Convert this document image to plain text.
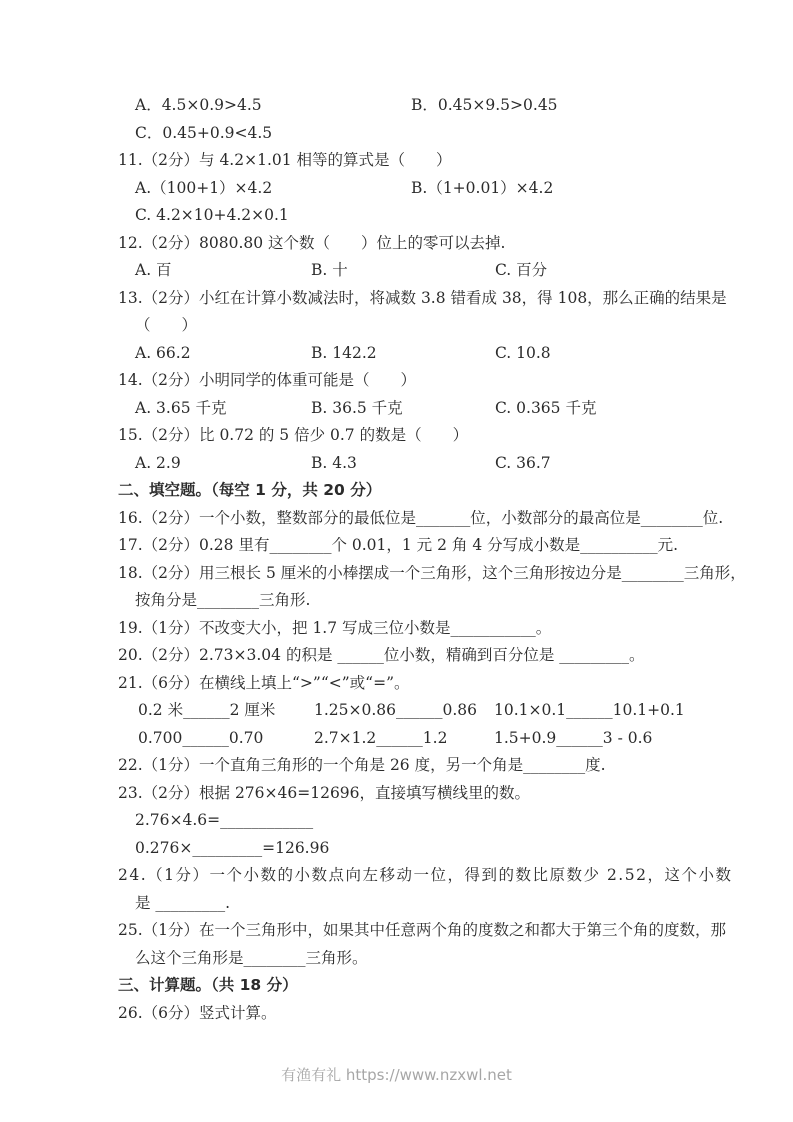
A．4.5×0.9>4.5	B．0.45×9.5>0.45
C．0.45+0.9<4.5
11.（2分）与 4.2×1.01 相等的算式是（　　）
A.（100+1）×4.2	B.（1+0.01）×4.2
C. 4.2×10+4.2×0.1
12.（2分）8080.80 这个数（　　）位上的零可以去掉.
A. 百	B. 十	C. 百分
13.（2分）小红在计算小数减法时，将减数 3.8 错看成 38，得 108，那么正确的结果是
（　　）
A. 66.2	B. 142.2	C. 10.8
14.（2分）小明同学的体重可能是（　　）
A. 3.65 千克	B. 36.5 千克	C. 0.365 千克
15.（2分）比 0.72 的 5 倍少 0.7 的数是（　　）
A. 2.9	B. 4.3	C. 36.7
二、填空题。（每空 1 分，共 20 分）
16.（2分）一个小数，整数部分的最低位是_______位，小数部分的最高位是________位.
17.（2分）0.28 里有________个 0.01，1 元 2 角 4 分写成小数是__________元.
18.（2分）用三根长 5 厘米的小棒摆成一个三角形，这个三角形按边分是________三角形，
按角分是________三角形.
19.（1分）不改变大小，把 1.7 写成三位小数是___________。
20.（2分）2.73×3.04 的积是 ______位小数，精确到百分位是 _________。
21.（6分）在横线上填上“>”“<”或“=”。
0.2 米______2 厘米	1.25×0.86______0.86	10.1×0.1______10.1+0.1
0.700______0.70	2.7×1.2______1.2	1.5+0.9______3 - 0.6
22.（1分）一个直角三角形的一个角是 26 度，另一个角是________度.
23.（2分）根据 276×46=12696，直接填写横线里的数。
2.76×4.6=____________
0.276×_________=126.96
24.（1分）一个小数的小数点向左移动一位，得到的数比原数少 2.52，这个小数
是 _________.
25.（1分）在一个三角形中，如果其中任意两个角的度数之和都大于第三个角的度数，那
么这个三角形是________三角形。
三、计算题。（共 18 分）
26.（6分）竖式计算。
有渔有礼 https://www.nzxwl.net
